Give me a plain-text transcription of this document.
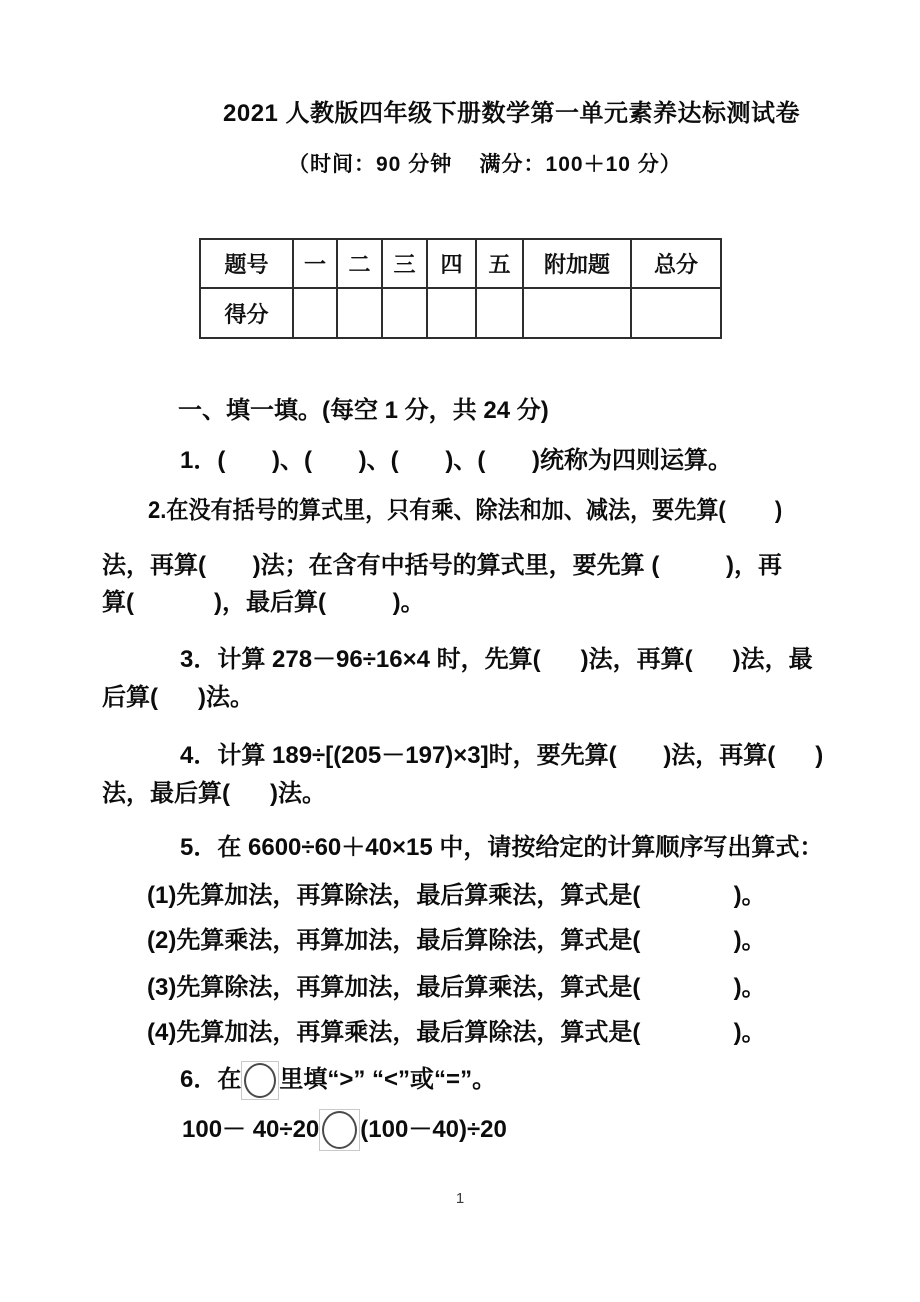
2021 人教版四年级下册数学第一单元素养达标测试卷
（时间：90 分钟    满分：100＋10 分）
题号	一	二	三	四	五	附加题	总分
得分							
一、填一填。(每空 1 分，共 24 分)
1．(       )、(       )、(       )、(       )统称为四则运算。
2.在没有括号的算式里，只有乘、除法和加、减法，要先算(        )
法，再算(       )法；在含有中括号的算式里，要先算 (          )，再
算(            )，最后算(          )。
3．计算 278－96÷16×4 时，先算(      )法，再算(      )法，最
后算(      )法。
4．计算 189÷[(205－197)×3]时，要先算(       )法，再算(      )
法，最后算(      )法。
5．在 6600÷60＋40×15 中，请按给定的计算顺序写出算式：
(1)先算加法，再算除法，最后算乘法，算式是(              )。
(2)先算乘法，再算加法，最后算除法，算式是(              )。
(3)先算除法，再算加法，最后算乘法，算式是(              )。
(4)先算加法，再算乘法，最后算除法，算式是(              )。
6．在 里填“>” “<”或“=”。
100－ 40÷20 (100－40)÷20
1
